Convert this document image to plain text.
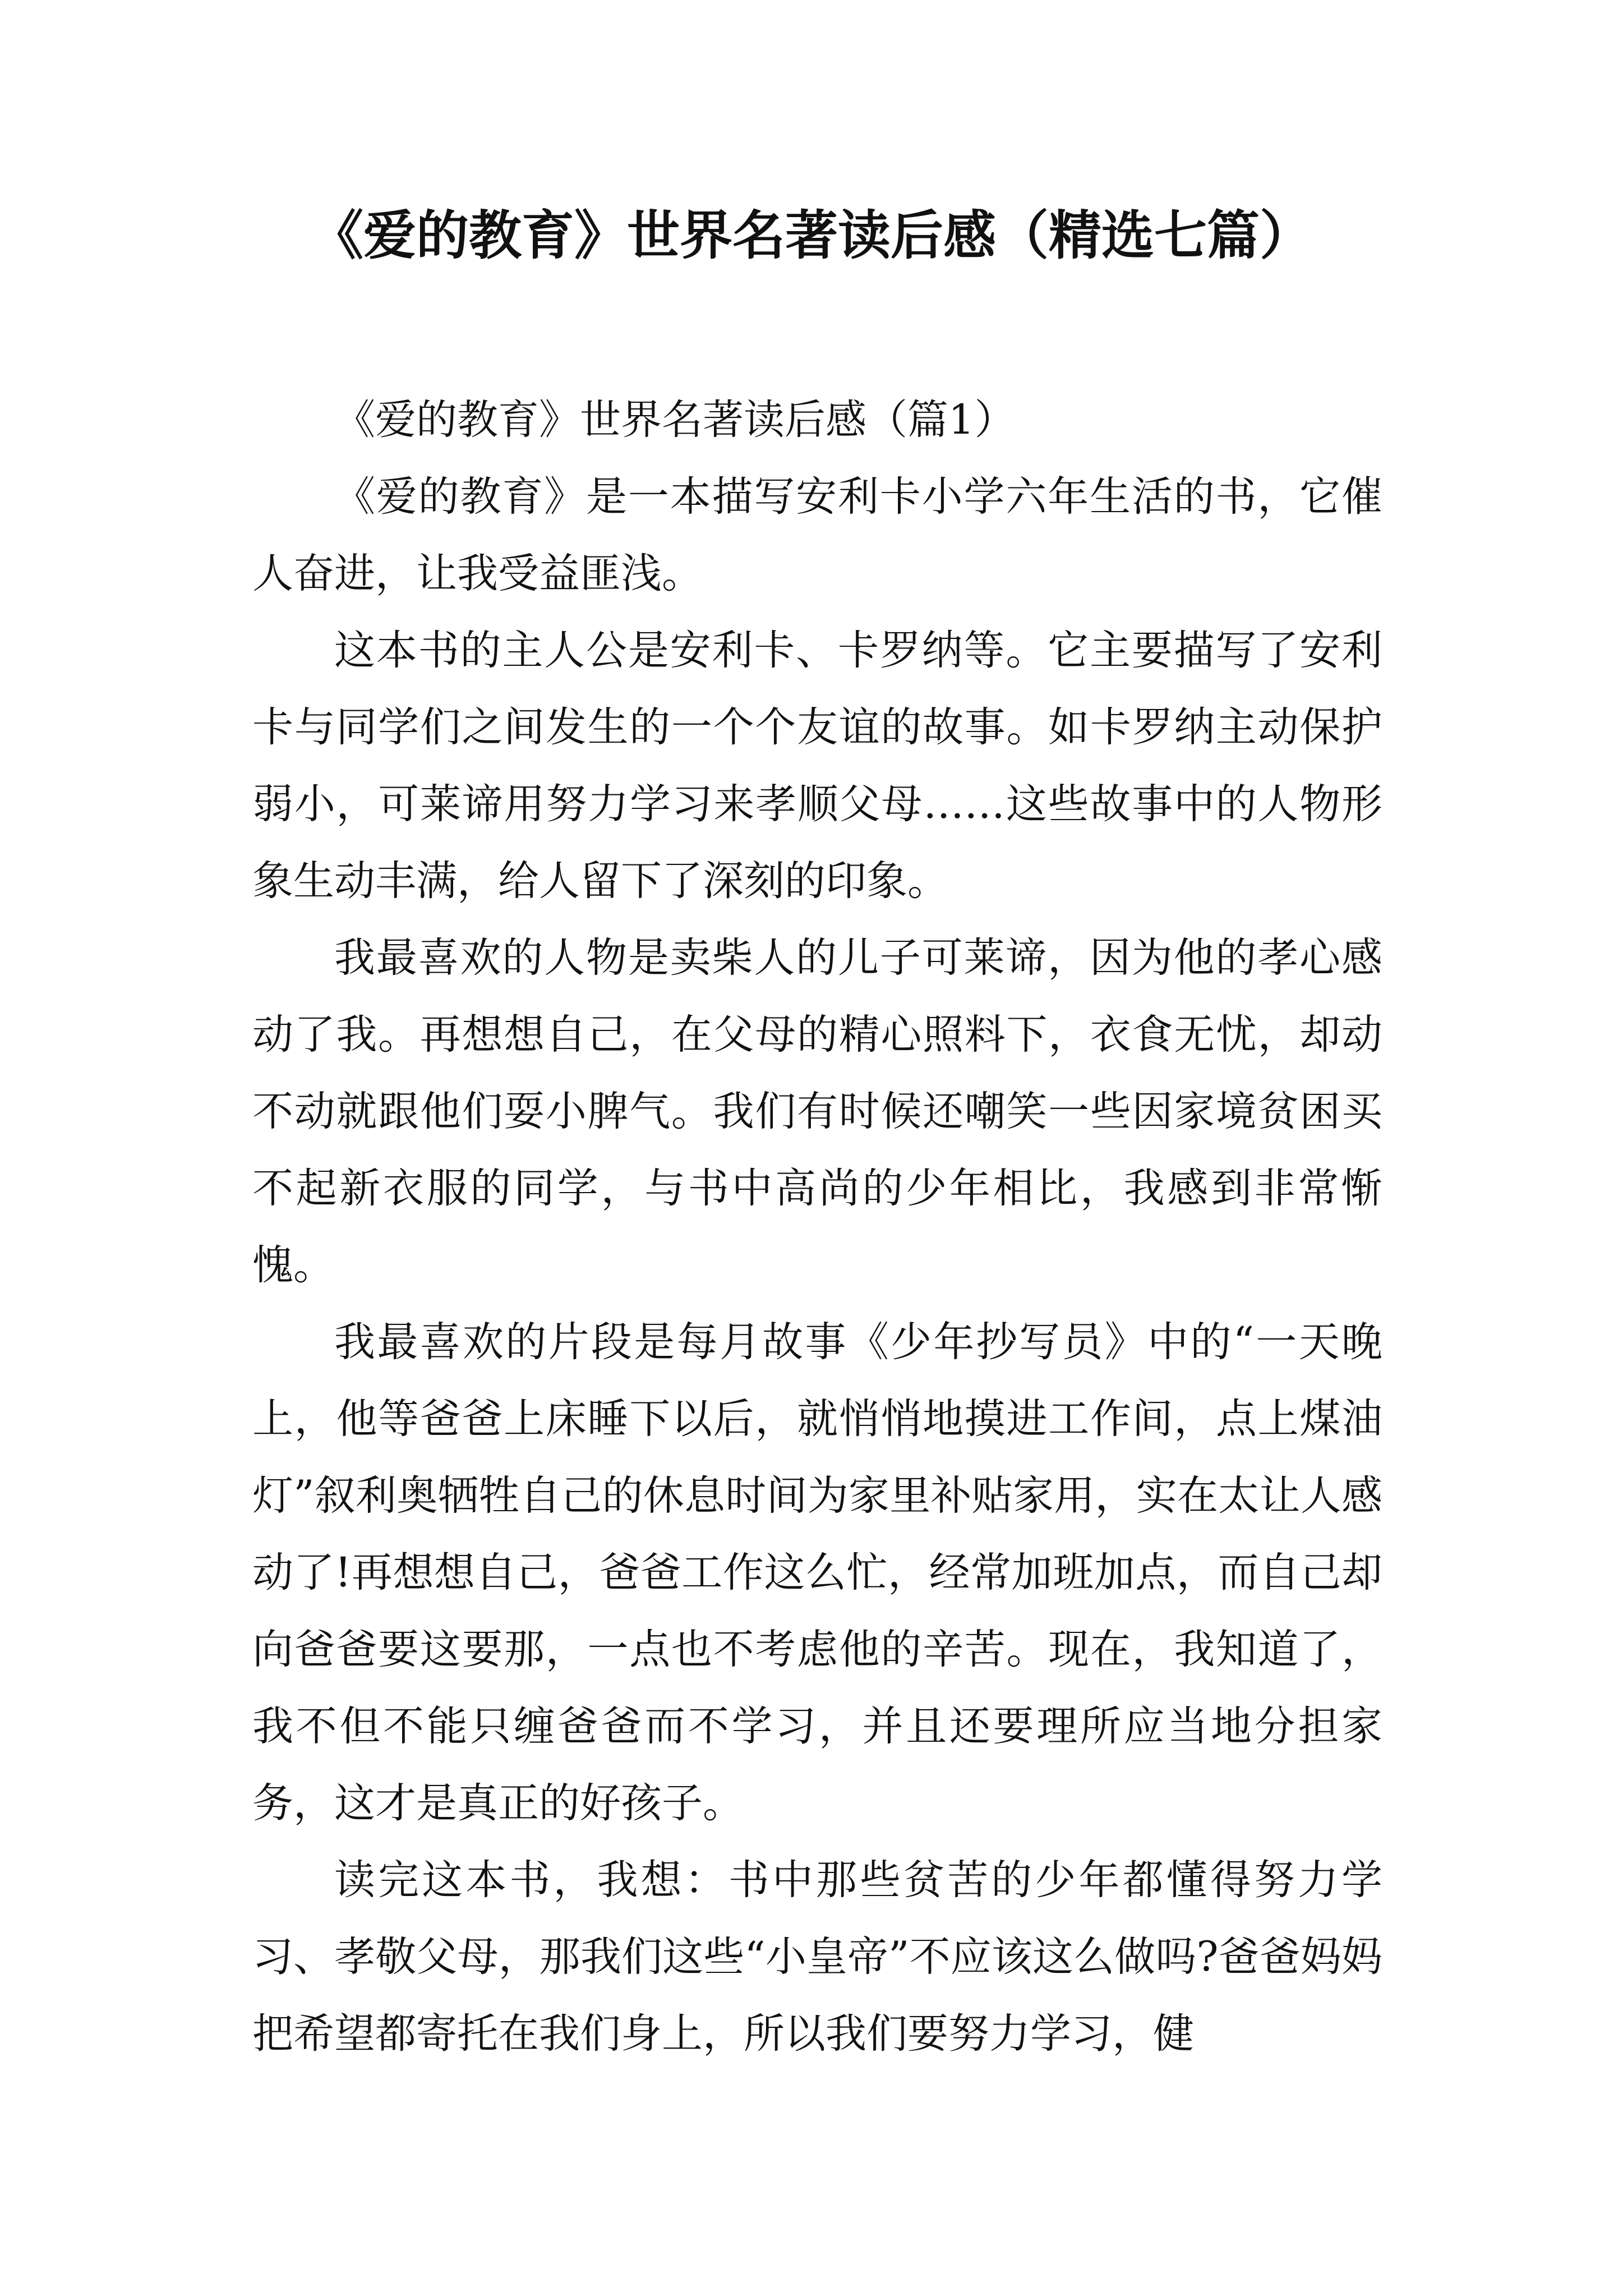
《爱的教育》世界名著读后感（精选七篇）

《爱的教育》世界名著读后感（篇1）

《爱的教育》是一本描写安利卡小学六年生活的书，它催人奋进，让我受益匪浅。

这本书的主人公是安利卡、卡罗纳等。它主要描写了安利卡与同学们之间发生的一个个友谊的故事。如卡罗纳主动保护弱小，可莱谛用努力学习来孝顺父母……这些故事中的人物形象生动丰满，给人留下了深刻的印象。

我最喜欢的人物是卖柴人的儿子可莱谛，因为他的孝心感动了我。再想想自己，在父母的精心照料下，衣食无忧，却动不动就跟他们耍小脾气。我们有时候还嘲笑一些因家境贫困买不起新衣服的同学，与书中高尚的少年相比，我感到非常惭愧。

我最喜欢的片段是每月故事《少年抄写员》中的“一天晚上，他等爸爸上床睡下以后，就悄悄地摸进工作间，点上煤油灯”叙利奥牺牲自己的休息时间为家里补贴家用，实在太让人感动了!再想想自己，爸爸工作这么忙，经常加班加点，而自己却向爸爸要这要那，一点也不考虑他的辛苦。现在，我知道了，我不但不能只缠爸爸而不学习，并且还要理所应当地分担家务，这才是真正的好孩子。

读完这本书，我想：书中那些贫苦的少年都懂得努力学习、孝敬父母，那我们这些“小皇帝”不应该这么做吗?爸爸妈妈把希望都寄托在我们身上，所以我们要努力学习，健
